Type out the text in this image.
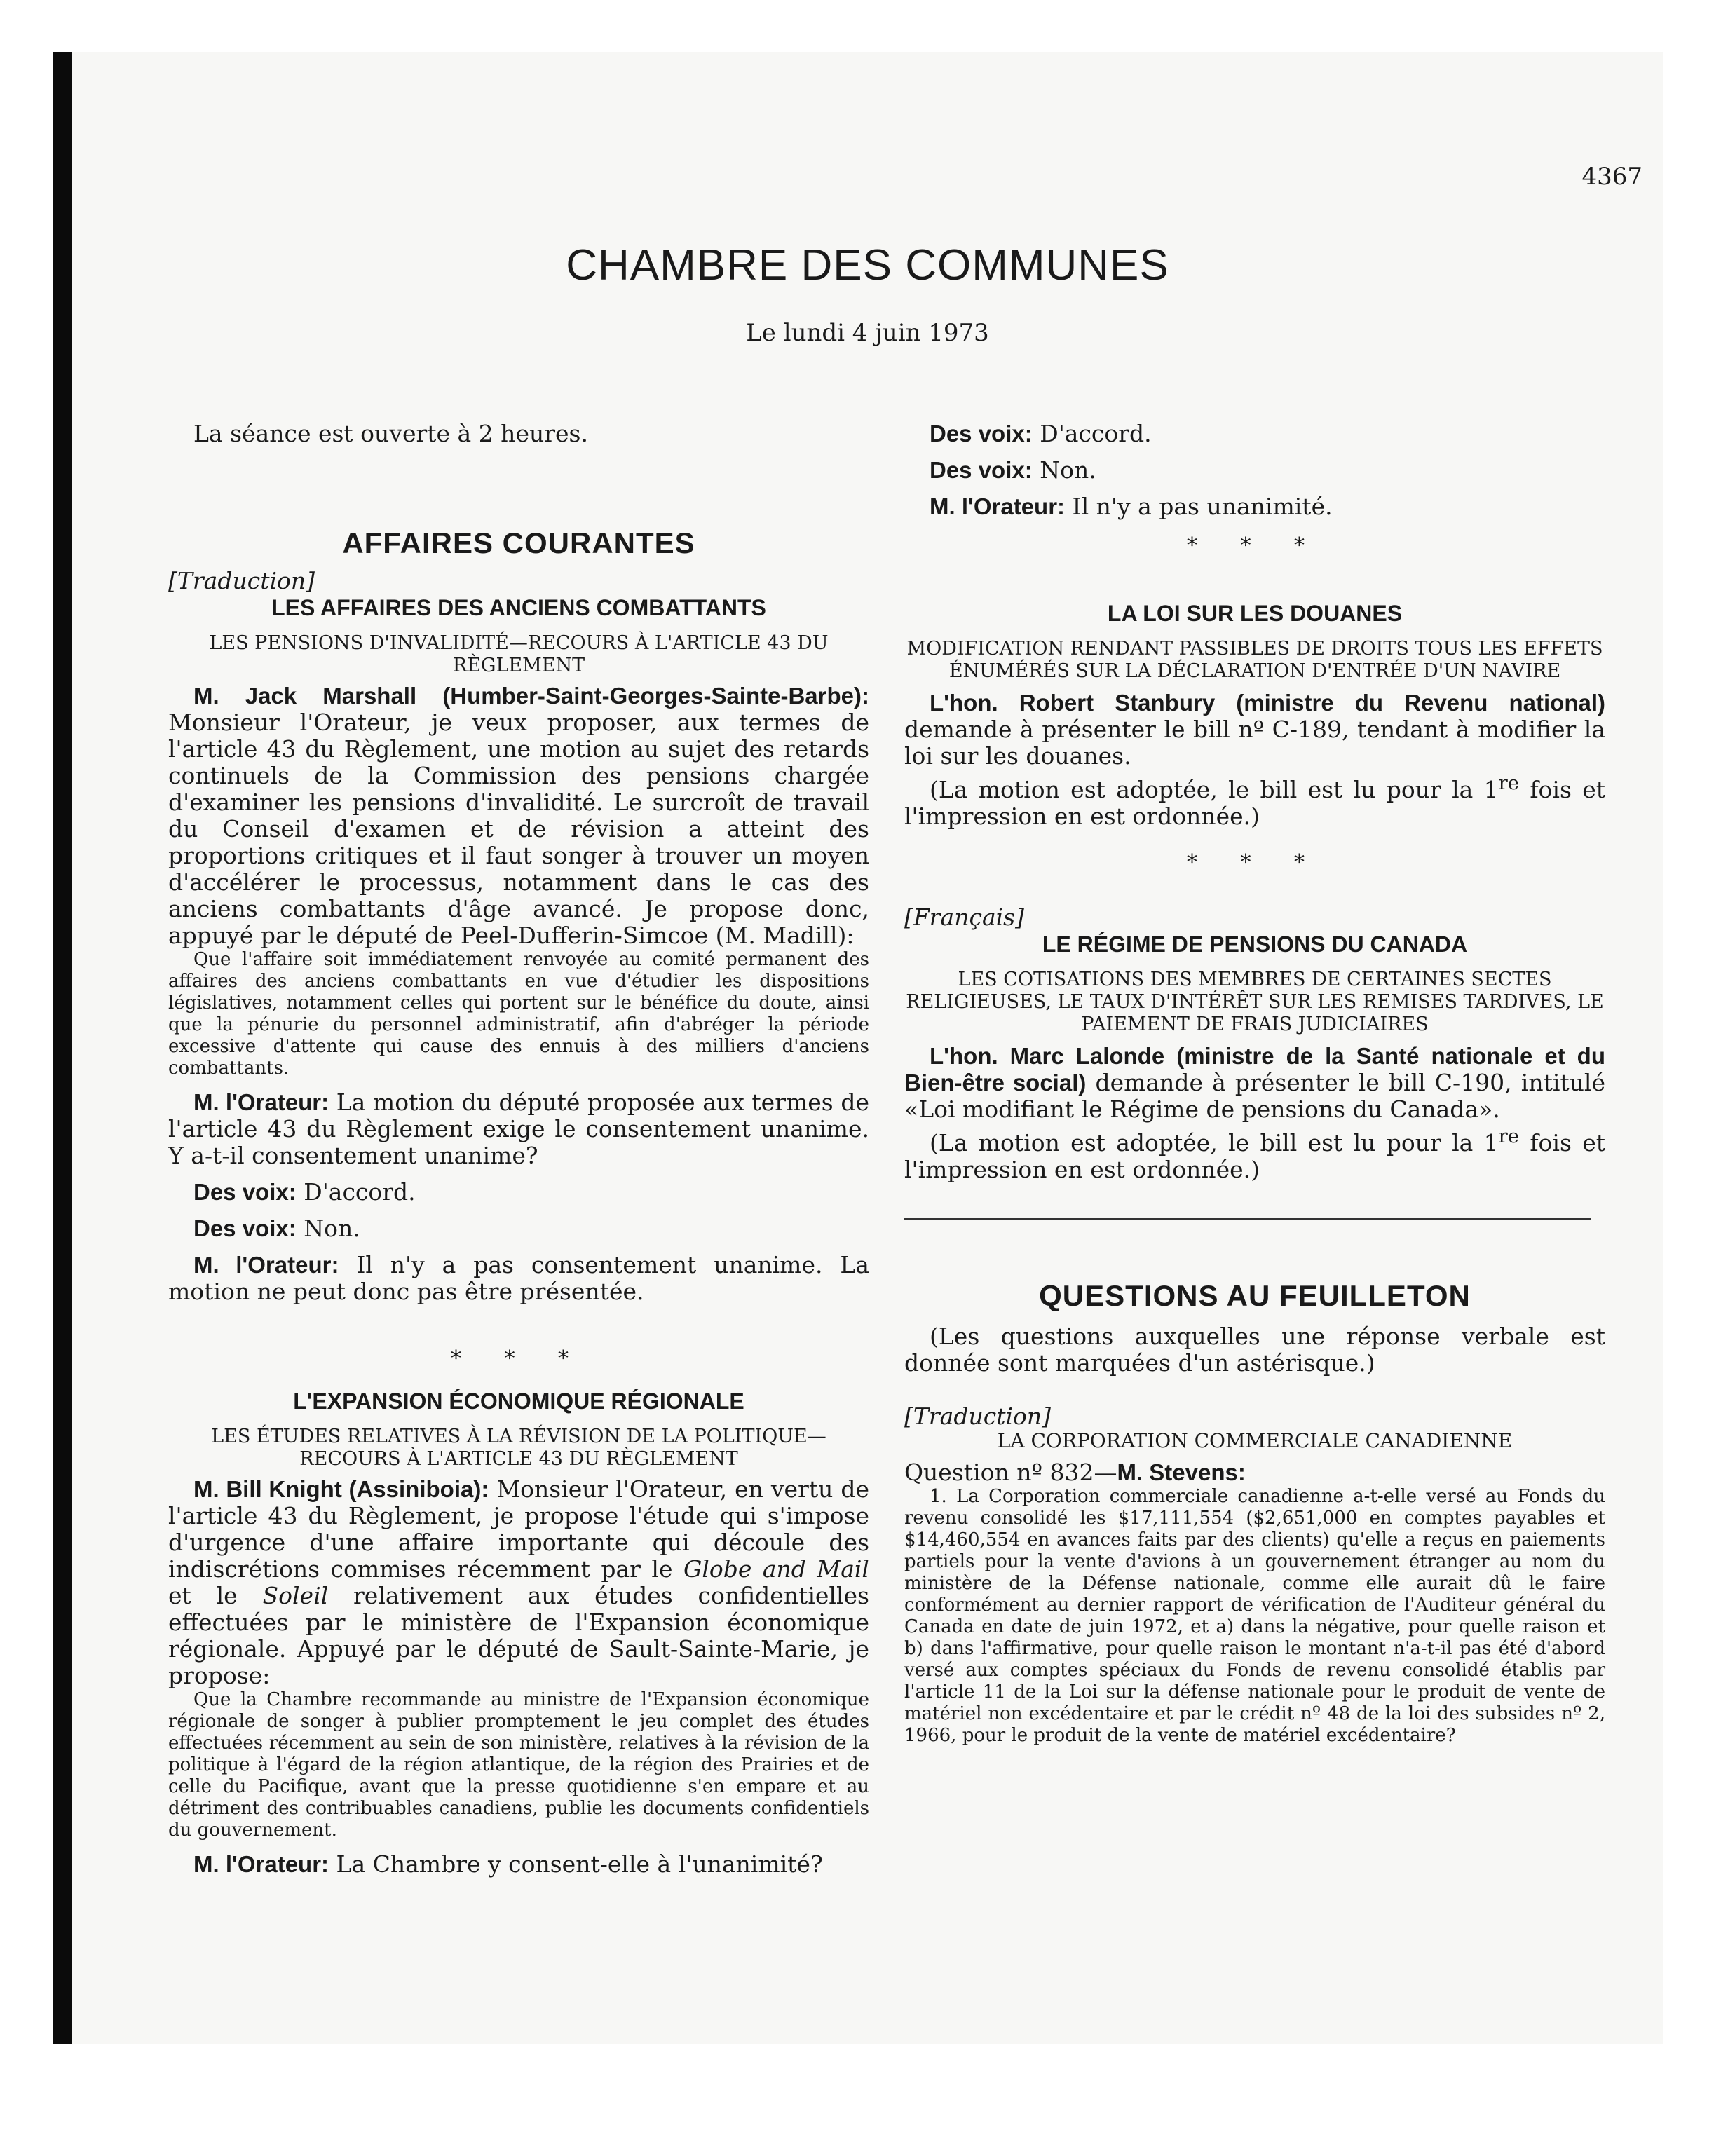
4367
CHAMBRE DES COMMUNES
Le lundi 4 juin 1973

La séance est ouverte à 2 heures.

AFFAIRES COURANTES
[Traduction]
LES AFFAIRES DES ANCIENS COMBATTANTS
LES PENSIONS D'INVALIDITÉ—RECOURS À L'ARTICLE 43 DU RÈGLEMENT

M. Jack Marshall (Humber-Saint-Georges-Sainte-Barbe): Monsieur l'Orateur, je veux proposer, aux termes de l'article 43 du Règlement, une motion au sujet des retards continuels de la Commission des pensions chargée d'examiner les pensions d'invalidité. Le surcroît de travail du Conseil d'examen et de révision a atteint des proportions critiques et il faut songer à trouver un moyen d'accélérer le processus, notamment dans le cas des anciens combattants d'âge avancé. Je propose donc, appuyé par le député de Peel-Dufferin-Simcoe (M. Madill):

Que l'affaire soit immédiatement renvoyée au comité permanent des affaires des anciens combattants en vue d'étudier les dispositions législatives, notamment celles qui portent sur le bénéfice du doute, ainsi que la pénurie du personnel administratif, afin d'abréger la période excessive d'attente qui cause des ennuis à des milliers d'anciens combattants.

M. l'Orateur: La motion du député proposée aux termes de l'article 43 du Règlement exige le consentement unanime. Y a-t-il consentement unanime?

Des voix: D'accord.

Des voix: Non.

M. l'Orateur: Il n'y a pas consentement unanime. La motion ne peut donc pas être présentée.

* * *
L'EXPANSION ÉCONOMIQUE RÉGIONALE
LES ÉTUDES RELATIVES À LA RÉVISION DE LA POLITIQUE—RECOURS À L'ARTICLE 43 DU RÈGLEMENT

M. Bill Knight (Assiniboia): Monsieur l'Orateur, en vertu de l'article 43 du Règlement, je propose l'étude qui s'impose d'urgence d'une affaire importante qui découle des indiscrétions commises récemment par le Globe and Mail et le Soleil relativement aux études confidentielles effectuées par le ministère de l'Expansion économique régionale. Appuyé par le député de Sault-Sainte-Marie, je propose:

Que la Chambre recommande au ministre de l'Expansion économique régionale de songer à publier promptement le jeu complet des études effectuées récemment au sein de son ministère, relatives à la révision de la politique à l'égard de la région atlantique, de la région des Prairies et de celle du Pacifique, avant que la presse quotidienne s'en empare et au détriment des contribuables canadiens, publie les documents confidentiels du gouvernement.

M. l'Orateur: La Chambre y consent-elle à l'unanimité?

Des voix: D'accord.

Des voix: Non.

M. l'Orateur: Il n'y a pas unanimité.

* * *
LA LOI SUR LES DOUANES
MODIFICATION RENDANT PASSIBLES DE DROITS TOUS LES EFFETS ÉNUMÉRÉS SUR LA DÉCLARATION D'ENTRÉE D'UN NAVIRE

L'hon. Robert Stanbury (ministre du Revenu national) demande à présenter le bill nº C-189, tendant à modifier la loi sur les douanes.

(La motion est adoptée, le bill est lu pour la 1re fois et l'impression en est ordonnée.)

* * *
[Français]
LE RÉGIME DE PENSIONS DU CANADA
LES COTISATIONS DES MEMBRES DE CERTAINES SECTES RELIGIEUSES, LE TAUX D'INTÉRÊT SUR LES REMISES TARDIVES, LE PAIEMENT DE FRAIS JUDICIAIRES

L'hon. Marc Lalonde (ministre de la Santé nationale et du Bien-être social) demande à présenter le bill C-190, intitulé «Loi modifiant le Régime de pensions du Canada».

(La motion est adoptée, le bill est lu pour la 1re fois et l'impression en est ordonnée.)

QUESTIONS AU FEUILLETON

(Les questions auxquelles une réponse verbale est donnée sont marquées d'un astérisque.)

[Traduction]
LA CORPORATION COMMERCIALE CANADIENNE

Question nº 832—M. Stevens:

1. La Corporation commerciale canadienne a-t-elle versé au Fonds du revenu consolidé les $17,111,554 ($2,651,000 en comptes payables et $14,460,554 en avances faits par des clients) qu'elle a reçus en paiements partiels pour la vente d'avions à un gouvernement étranger au nom du ministère de la Défense nationale, comme elle aurait dû le faire conformément au dernier rapport de vérification de l'Auditeur général du Canada en date de juin 1972, et a) dans la négative, pour quelle raison et b) dans l'affirmative, pour quelle raison le montant n'a-t-il pas été d'abord versé aux comptes spéciaux du Fonds de revenu consolidé établis par l'article 11 de la Loi sur la défense nationale pour le produit de vente de matériel non excédentaire et par le crédit nº 48 de la loi des subsides nº 2, 1966, pour le produit de la vente de matériel excédentaire?
